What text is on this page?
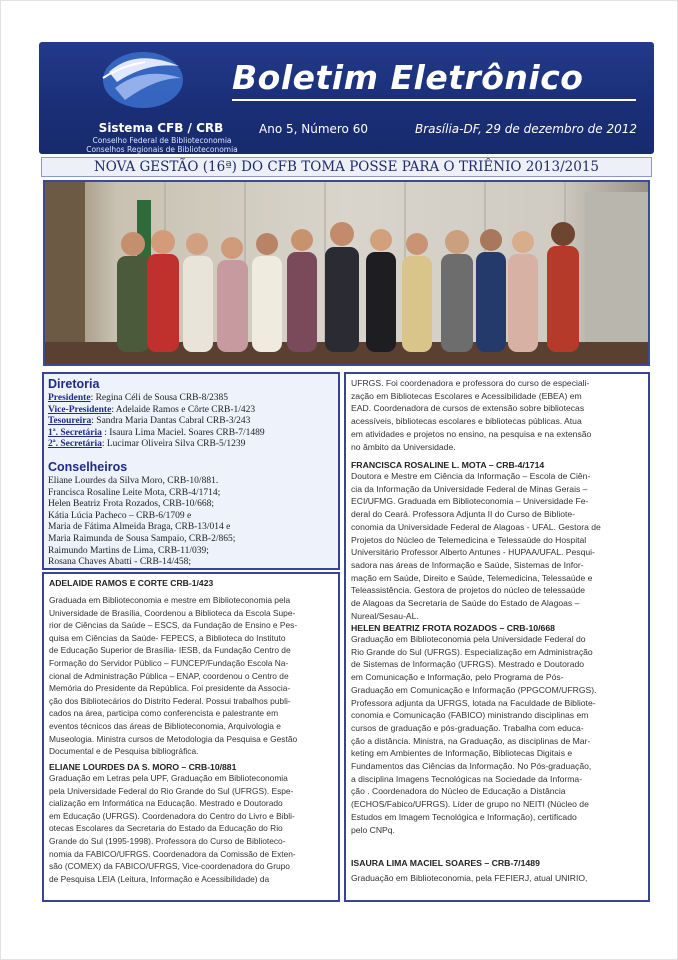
Sistema CFB / CRB
Conselho Federal de Biblioteconomia
Conselhos Regionais de Biblioteconomia
Boletim Eletrônico
Ano 5, Número 60	Brasília-DF, 29 de dezembro de 2012
NOVA GESTÃO (16ª) DO CFB TOMA POSSE PARA O TRIÊNIO 2013/2015
Diretoria
Presidente: Regina Céli de Sousa CRB-8/2385
Vice-Presidente: Adelaide Ramos e Côrte CRB-1/423
Tesoureira: Sandra Maria Dantas Cabral CRB-3/243
1ª. Secretária : Isaura Lima Maciel. Soares CRB-7/1489
2ª. Secretária: Lucimar Oliveira Silva CRB-5/1239
Conselheiros
Eliane Lourdes da Silva Moro, CRB-10/881.
Francisca Rosaline Leite Mota, CRB-4/1714;
Helen Beatriz Frota Rozados, CRB-10/668;
Kátia Lúcia Pacheco – CRB-6/1709 e
Maria de Fátima Almeida Braga, CRB-13/014 e
Maria Raimunda de Sousa Sampaio, CRB-2/865;
Raimundo Martins de Lima, CRB-11/039;
Rosana Chaves Abatti - CRB-14/458;
ADELAIDE RAMOS E CORTE CRB-1/423
Graduada em Biblioteconomia e mestre em Biblioteconomia pela
Universidade de Brasília, Coordenou a Biblioteca da Escola Supe-
rior de Ciências da Saúde – ESCS, da Fundação de Ensino e Pes-
quisa em Ciências da Saúde- FEPECS, a Biblioteca do Instituto
de Educação Superior de Brasília- IESB, da Fundação Centro de
Formação do Servidor Público – FUNCEP/Fundação Escola Na-
cional de Administração Pública – ENAP, coordenou o Centro de
Memória do Presidente da República. Foi presidente da Associa-
ção dos Bibliotecários do Distrito Federal. Possui trabalhos publi-
cados na área, participa como conferencista e palestrante em
eventos técnicos das áreas de Biblioteconomia, Arquivologia e
Museologia. Ministra cursos de Metodologia da Pesquisa e Gestão
Documental e de Pesquisa bibliográfica.
ELIANE LOURDES DA S. MORO – CRB-10/881
Graduação em Letras pela UPF, Graduação em Biblioteconomia
pela Universidade Federal do Rio Grande do Sul (UFRGS). Espe-
cialização em Informática na Educação. Mestrado e Doutorado
em Educação (UFRGS). Coordenadora do Centro do Livro e Bibli-
otecas Escolares da Secretaria do Estado da Educação do Rio
Grande do Sul (1995-1998). Professora do Curso de Biblioteco-
nomia da FABICO/UFRGS. Coordenadora da Comissão de Exten-
são (COMEX) da FABICO/UFRGS, Vice-coordenadora do Grupo
de Pesquisa LEIA (Leitura, Informação e Acessibilidade) da
UFRGS. Foi coordenadora e professora do curso de especiali-
zação em Bibliotecas Escolares e Acessibilidade (EBEA) em
EAD. Coordenadora de cursos de extensão sobre bibliotecas
acessíveis, bibliotecas escolares e bibliotecas públicas. Atua
em atividades e projetos no ensino, na pesquisa e na extensão
no âmbito da Universidade.
FRANCISCA ROSALINE L. MOTA – CRB-4/1714
Doutora e Mestre em Ciência da Informação – Escola de Ciên-
cia da Informação da Universidade Federal de Minas Gerais –
ECI/UFMG. Graduada em Biblioteconomia – Universidade Fe-
deral do Ceará. Professora Adjunta II do Curso de Bibliote-
conomia da Universidade Federal de Alagoas - UFAL. Gestora de
Projetos do Núcleo de Telemedicina e Telessaúde do Hospital
Universitário Professor Alberto Antunes - HUPAA/UFAL. Pesqui-
sadora nas áreas de Informação e Saúde, Sistemas de Infor-
mação em Saúde, Direito e Saúde, Telemedicina, Telessaúde e
Teleassistência. Gestora de projetos do núcleo de telessaúde
de Alagoas da Secretaria de Saúde do Estado de Alagoas –
Nureal/Sesau-AL.
HELEN BEATRIZ FROTA ROZADOS – CRB-10/668
Graduação em Biblioteconomia pela Universidade Federal do
Rio Grande do Sul (UFRGS). Especialização em Administração
de Sistemas de Informação (UFRGS). Mestrado e Doutorado
em Comunicação e Informação, pelo Programa de Pós-
Graduação em Comunicação e Informação (PPGCOM/UFRGS).
Professora adjunta da UFRGS, lotada na Faculdade de Bibliote-
conomia e Comunicação (FABICO) ministrando disciplinas em
cursos de graduação e pós-graduação. Trabalha com educa-
ção a distância. Ministra, na Graduação, as disciplinas de Mar-
keting em Ambientes de Informação, Bibliotecas Digitais e
Fundamentos das Ciências da Informação. No Pós-graduação,
a disciplina Imagens Tecnológicas na Sociedade da Informa-
ção . Coordenadora do Núcleo de Educação a Distância
(ECHOS/Fabico/UFRGS). Líder de grupo no NEITI (Núcleo de
Estudos em Imagem Tecnológica e Informação), certificado
pelo CNPq.
ISAURA LIMA MACIEL SOARES – CRB-7/1489
Graduação em Biblioteconomia, pela FEFIERJ, atual UNIRIO,
